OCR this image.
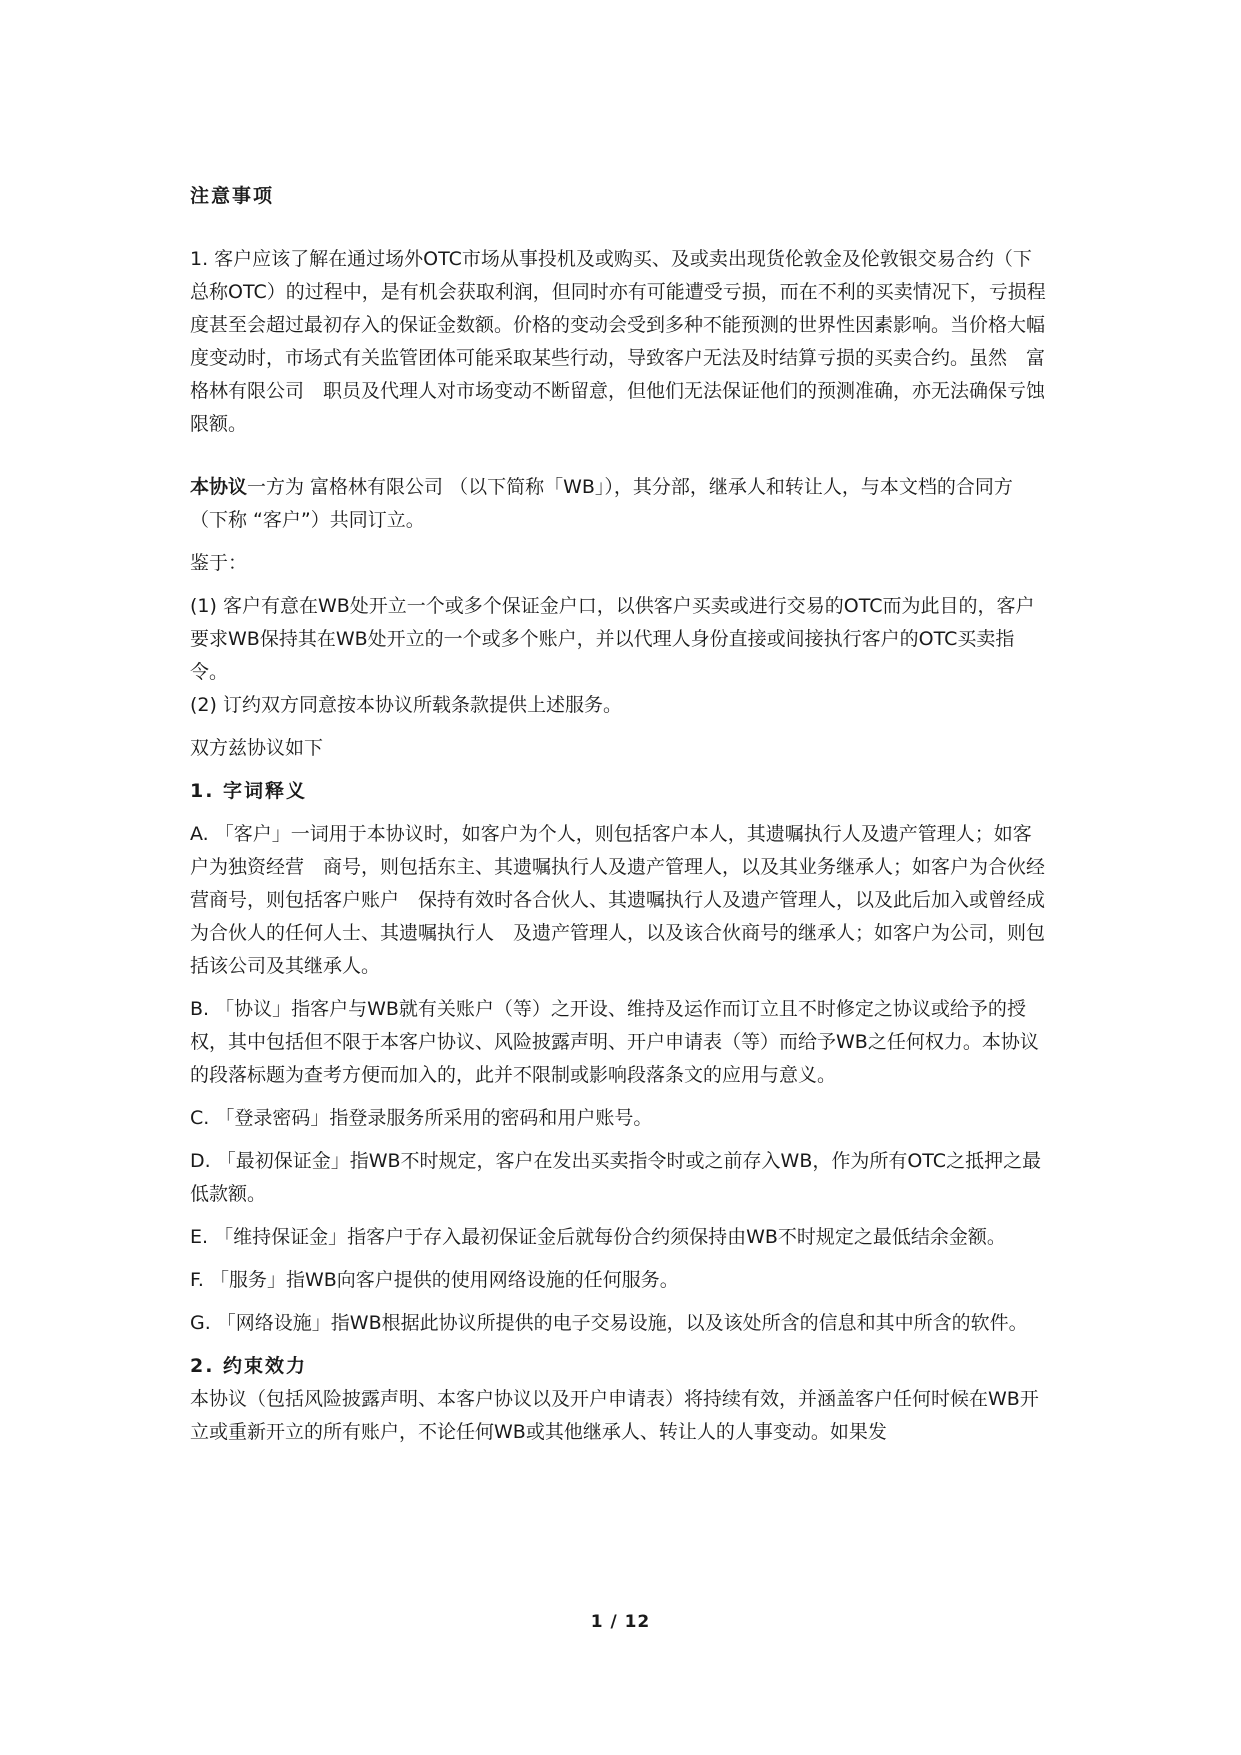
注意事项

1. 客户应该了解在通过场外OTC市场从事投机及或购买、及或卖出现货伦敦金及伦敦银交易合约（下总称OTC）的过程中，是有机会获取利润，但同时亦有可能遭受亏损，而在不利的买卖情况下，亏损程度甚至会超过最初存入的保证金数额。价格的变动会受到多种不能预测的世界性因素影响。当价格大幅度变动时，市场式有关监管团体可能采取某些行动，导致客户无法及时结算亏损的买卖合约。虽然　富格林有限公司　职员及代理人对市场变动不断留意，但他们无法保证他们的预测准确，亦无法确保亏蚀限额。

本协议一方为 富格林有限公司 （以下简称「WB」），其分部，继承人和转让人，与本文档的合同方（下称 “客户”）共同订立。

鉴于：

(1) 客户有意在WB处开立一个或多个保证金户口，以供客户买卖或进行交易的OTC而为此目的，客户要求WB保持其在WB处开立的一个或多个账户，并以代理人身份直接或间接执行客户的OTC买卖指令。

(2) 订约双方同意按本协议所载条款提供上述服务。

双方兹协议如下

1. 字词释义

A. 「客户」一词用于本协议时，如客户为个人，则包括客户本人，其遗嘱执行人及遗产管理人；如客户为独资经营　商号，则包括东主、其遗嘱执行人及遗产管理人，以及其业务继承人；如客户为合伙经营商号，则包括客户账户　保持有效时各合伙人、其遗嘱执行人及遗产管理人，以及此后加入或曾经成为合伙人的任何人士、其遗嘱执行人　及遗产管理人，以及该合伙商号的继承人；如客户为公司，则包括该公司及其继承人。

B. 「协议」指客户与WB就有关账户（等）之开设、维持及运作而订立且不时修定之协议或给予的授权，其中包括但不限于本客户协议、风险披露声明、开户申请表（等）而给予WB之任何权力。本协议的段落标题为查考方便而加入的，此并不限制或影响段落条文的应用与意义。

C. 「登录密码」指登录服务所采用的密码和用户账号。

D. 「最初保证金」指WB不时规定，客户在发出买卖指令时或之前存入WB，作为所有OTC之抵押之最低款额。

E. 「维持保证金」指客户于存入最初保证金后就每份合约须保持由WB不时规定之最低结余金额。

F. 「服务」指WB向客户提供的使用网络设施的任何服务。

G. 「网络设施」指WB根据此协议所提供的电子交易设施，以及该处所含的信息和其中所含的软件。

2. 约束效力

本协议（包括风险披露声明、本客户协议以及开户申请表）将持续有效，并涵盖客户任何时候在WB开立或重新开立的所有账户，不论任何WB或其他继承人、转让人的人事变动。如果发

1 / 12
